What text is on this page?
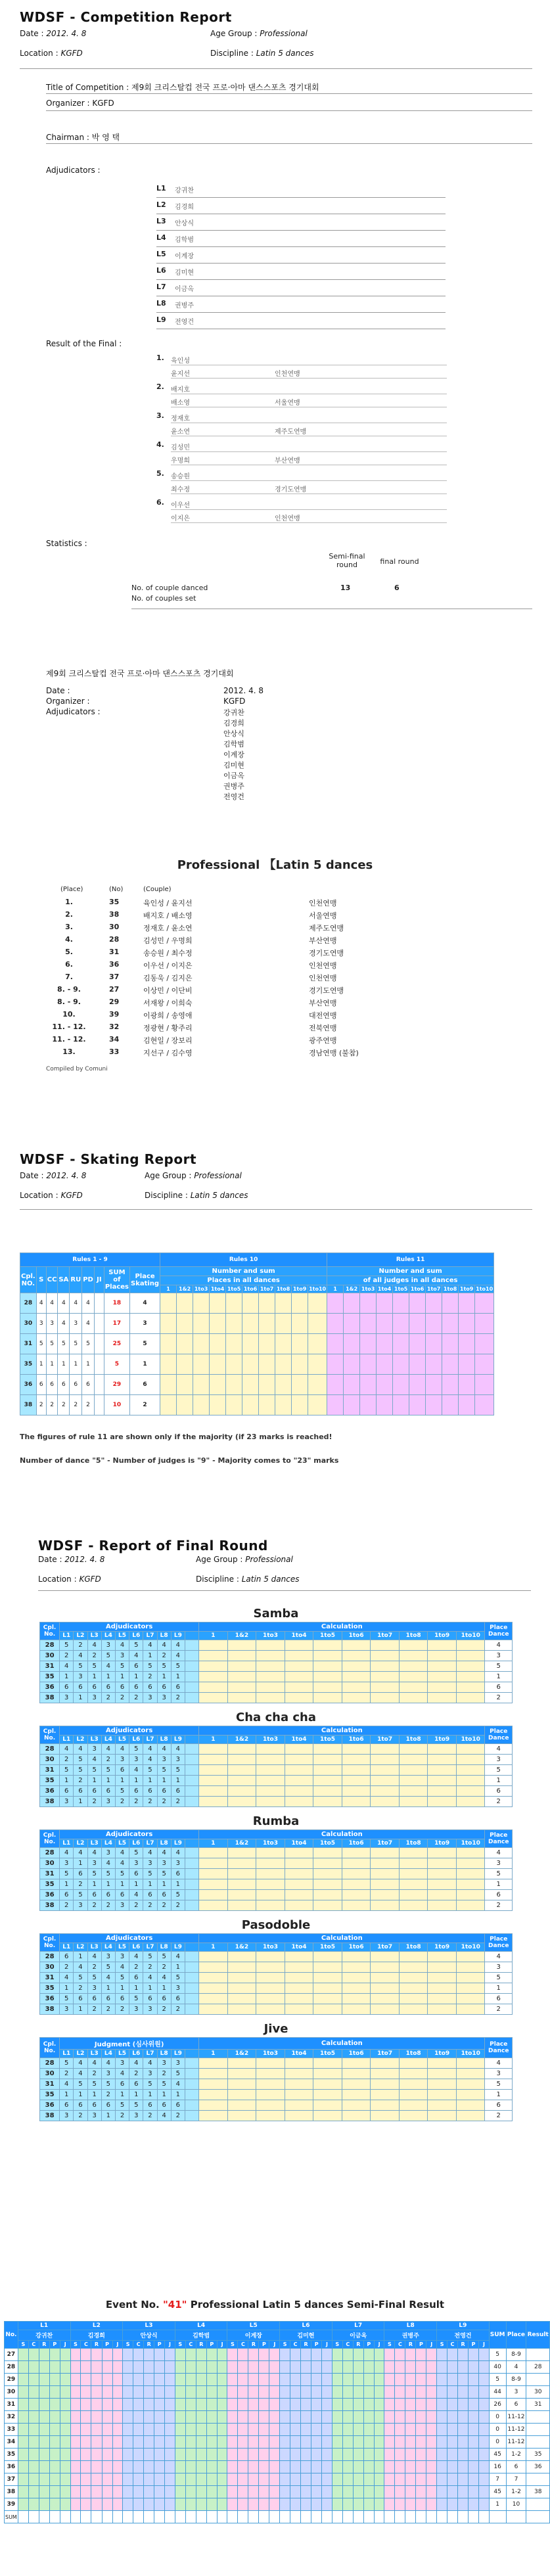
WDSF - Competition Report
Date : 2012. 4. 8	Age Group : Professional
Location : KGFD	Discipline : Latin 5 dances
Title of Competition : 제9회 크리스탈컵 전국 프로·아마 댄스스포츠 경기대회
Organizer : KGFD
Chairman : 박 영 택
Adjudicators :
L1 강귀찬
L2 김경희
L3 안상식
L4 김학범
L5 이계장
L6 김미현
L7 이금옥
L8 권병주
L9 전영건
Result of the Final :
1. 육인성
윤지선	인천연맹
2. 배지호
배소영	서울연맹
3. 정재호
윤소연	제주도연맹
4. 김성민
우명희	부산연맹
5. 송승원
최수정	경기도연맹
6. 이우선
이지은	인천연맹
Statistics :
Semi-final round	final round
No. of couple danced	13	6
No. of couples set
제9회 크리스탈컵 전국 프로·아마 댄스스포츠 경기대회
Date :	2012. 4. 8
Organizer :	KGFD
Adjudicators :	강귀찬
김경희
안상식
김학범
이계장
김미현
이금옥
권병주
전영건
Professional 【Latin 5 dances
(Place)	(No)	(Couple)
1.	35	육인성 / 윤지선	인천연맹
2.	38	배지호 / 배소영	서울연맹
3.	30	정재호 / 윤소연	제주도연맹
4.	28	김성민 / 우명희	부산연맹
5.	31	송승원 / 최수정	경기도연맹
6.	36	이우선 / 이지은	인천연맹
7.	37	김동욱 / 김지은	인천연맹
8. - 9.	27	이상민 / 이단비	경기도연맹
8. - 9.	29	서재왕 / 이희숙	부산연맹
10.	39	이광희 / 송영애	대전연맹
11. - 12.	32	정광현 / 황주리	전북연맹
11. - 12.	34	김현일 / 장보리	광주연맹
13.	33	지선구 / 김수영	경남연맹 (불참)
Compiled by Comuni
WDSF - Skating Report
Date : 2012. 4. 8	Age Group : Professional
Location : KGFD	Discipline : Latin 5 dances
Rules 1 - 9									Rules 10										Rules 11									
Cpl. NO.	S	CC	SA	RU	PD	JI	SUM of Places	Place Skating	Number and sum										Number and sum									
									Places in all dances										of all judges in all dances									
									1	1&2	1to3	1to4	1to5	1to6	1to7	1to8	1to9	1to10	1	1&2	1to3	1to4	1to5	1to6	1to7	1to8	1to9	1to10
28	4	4	4	4	4		18	4																				
30	3	3	4	3	4		17	3																				
31	5	5	5	5	5		25	5																				
35	1	1	1	1	1		5	1																				
36	6	6	6	6	6		29	6																				
38	2	2	2	2	2		10	2																				
The figures of rule 11 are shown only if the majority (if 23 marks is reached!
Number of dance "5" - Number of judges is "9" - Majority comes to "23" marks
WDSF - Report of Final Round
Date : 2012. 4. 8	Age Group : Professional
Location : KGFD	Discipline : Latin 5 dances
Samba
Cpl. No.	Adjudicators										Calculation										Place Dance
	L1	L2	L3	L4	L5	L6	L7	L8	L9		1	1&2	1to3	1to4	1to5	1to6	1to7	1to8	1to9	1to10	
28	5	2	4	3	4	5	4	4	4												4
30	2	4	2	5	3	4	1	2	4												3
31	4	5	5	4	5	6	5	5	5												5
35	1	3	1	1	1	1	2	1	1												1
36	6	6	6	6	6	6	6	6	6												6
38	3	1	3	2	2	2	3	3	2												2
Cha cha cha
Cpl. No.	Adjudicators										Calculation										Place Dance
	L1	L2	L3	L4	L5	L6	L7	L8	L9		1	1&2	1to3	1to4	1to5	1to6	1to7	1to8	1to9	1to10	
28	4	4	3	4	4	5	4	4	4												4
30	2	5	4	2	3	3	4	3	3												3
31	5	5	5	5	6	4	5	5	5												5
35	1	2	1	1	1	1	1	1	1												1
36	6	6	6	6	5	6	6	6	6												6
38	3	1	2	3	2	2	2	2	2												2
Rumba
Cpl. No.	Adjudicators										Calculation										Place Dance
	L1	L2	L3	L4	L5	L6	L7	L8	L9		1	1&2	1to3	1to4	1to5	1to6	1to7	1to8	1to9	1to10	
28	4	4	4	3	4	5	4	4	4												4
30	3	1	3	4	4	3	3	3	3												3
31	5	6	5	5	5	6	5	5	6												5
35	1	2	1	1	1	1	1	1	1												1
36	6	5	6	6	6	4	6	6	5												6
38	2	3	2	2	3	2	2	2	2												2
Pasodoble
Cpl. No.	Adjudicators										Calculation										Place Dance
	L1	L2	L3	L4	L5	L6	L7	L8	L9		1	1&2	1to3	1to4	1to5	1to6	1to7	1to8	1to9	1to10	
28	6	1	4	3	3	4	5	5	4												4
30	2	4	2	5	4	2	2	2	1												3
31	4	5	5	4	5	6	4	4	5												5
35	1	2	3	1	1	1	1	1	3												1
36	5	6	6	6	6	5	6	6	6												6
38	3	1	2	2	2	3	3	2	2												2
Jive
Cpl. No.	Judgment (심사위원)										Calculation										Place Dance
	L1	L2	L3	L4	L5	L6	L7	L8	L9		1	1&2	1to3	1to4	1to5	1to6	1to7	1to8	1to9	1to10	
28	5	4	4	4	3	4	4	3	3												4
30	2	4	2	3	4	2	3	2	5												3
31	4	5	5	5	6	6	5	5	4												5
35	1	1	1	2	1	1	1	1	1												1
36	6	6	6	6	5	5	6	6	6												6
38	3	2	3	1	2	3	2	4	2												2
Event No. "41" Professional Latin 5 dances Semi-Final Result
No.	L1					L2					L3					L4					L5					L6					L7					L8					L9					SUM	Place	Result
	강귀찬					김경희					안상식					김학범					이계장					김미현					이금옥					권병주					전영건							
	S	C	R	P	J	S	C	R	P	J	S	C	R	P	J	S	C	R	P	J	S	C	R	P	J	S	C	R	P	J	S	C	R	P	J	S	C	R	P	J	S	C	R	P	J			
27																																														5	8-9	
28																																														40	4	28
29																																														5	8-9	
30																																														44	3	30
31																																														26	6	31
32																																														0	11-12	
33																																														0	11-12	
34																																														0	11-12	
35																																														45	1-2	35
36																																														16	6	36
37																																														7	7	
38																																														45	1-2	38
39																																														1	10	
SUM																																																
